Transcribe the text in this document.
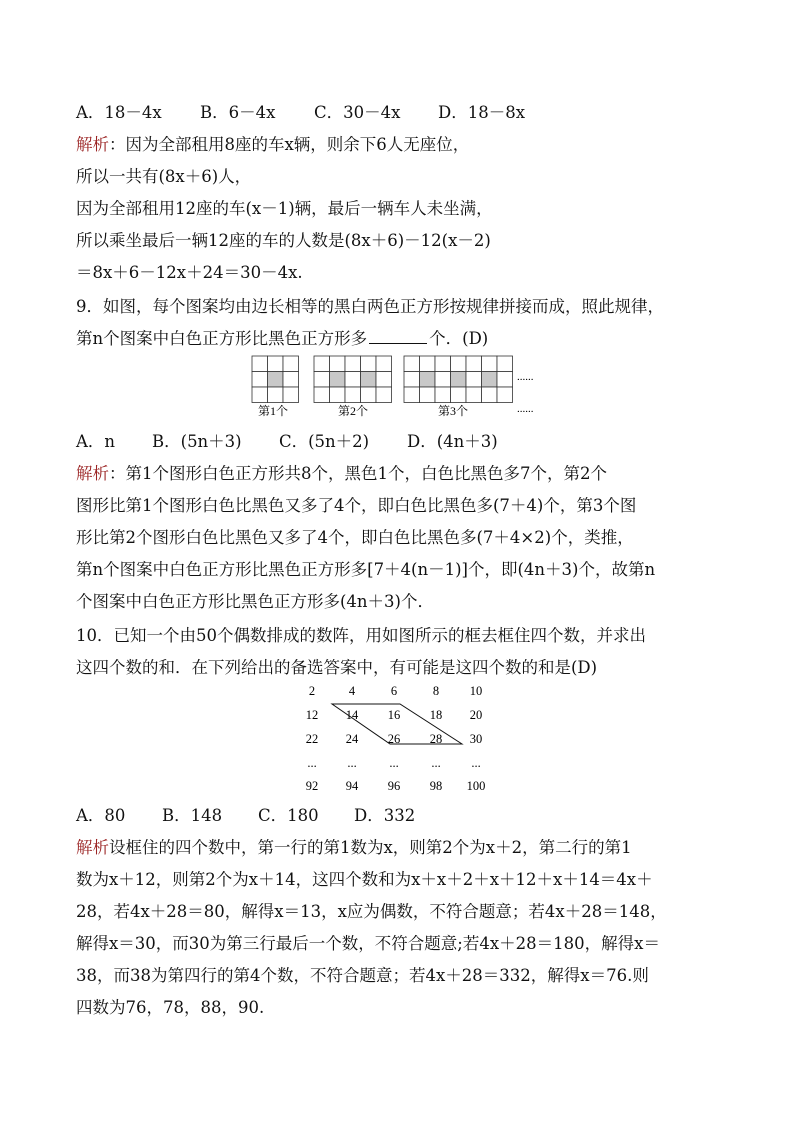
A．18－4x B．6－4x C．30－4x D．18－8x
解析：因为全部租用8座的车x辆，则余下6人无座位，
所以一共有(8x＋6)人，
因为全部租用12座的车(x－1)辆，最后一辆车人未坐满，
所以乘坐最后一辆12座的车的人数是(8x＋6)－12(x－2)
＝8x＋6－12x＋24＝30－4x.
9．如图，每个图案均由边长相等的黑白两色正方形按规律拼接而成，照此规律，
第n个图案中白色正方形比黑色正方形多	个．(D)
......
......
第1个	第2个	第3个
A．n B．(5n＋3) C．(5n＋2) D．(4n＋3)
解析：第1个图形白色正方形共8个，黑色1个，白色比黑色多7个，第2个
图形比第1个图形白色比黑色又多了4个，即白色比黑色多(7＋4)个，第3个图
形比第2个图形白色比黑色又多了4个，即白色比黑色多(7＋4×2)个，类推，
第n个图案中白色正方形比黑色正方形多[7＋4(n－1)]个，即(4n＋3)个，故第n
个图案中白色正方形比黑色正方形多(4n＋3)个．
10．已知一个由50个偶数排成的数阵，用如图所示的框去框住四个数，并求出
这四个数的和．在下列给出的备选答案中，有可能是这四个数的和是(D)
2	4	6	8 10
12 14 16 18 20
22 24 26 28 30
... ...	...	... ...
92 94 96 98 100
A．80 B．148 C．180 D．332
解析设框住的四个数中，第一行的第1数为x，则第2个为x＋2，第二行的第1
数为x＋12，则第2个为x＋14，这四个数和为x＋x＋2＋x＋12＋x＋14＝4x＋
28，若4x＋28＝80，解得x＝13，x应为偶数，不符合题意；若4x＋28＝148，
解得x＝30，而30为第三行最后一个数，不符合题意;若4x＋28＝180，解得x＝
38，而38为第四行的第4个数，不符合题意；若4x＋28＝332，解得x＝76.则
四数为76，78，88，90.
